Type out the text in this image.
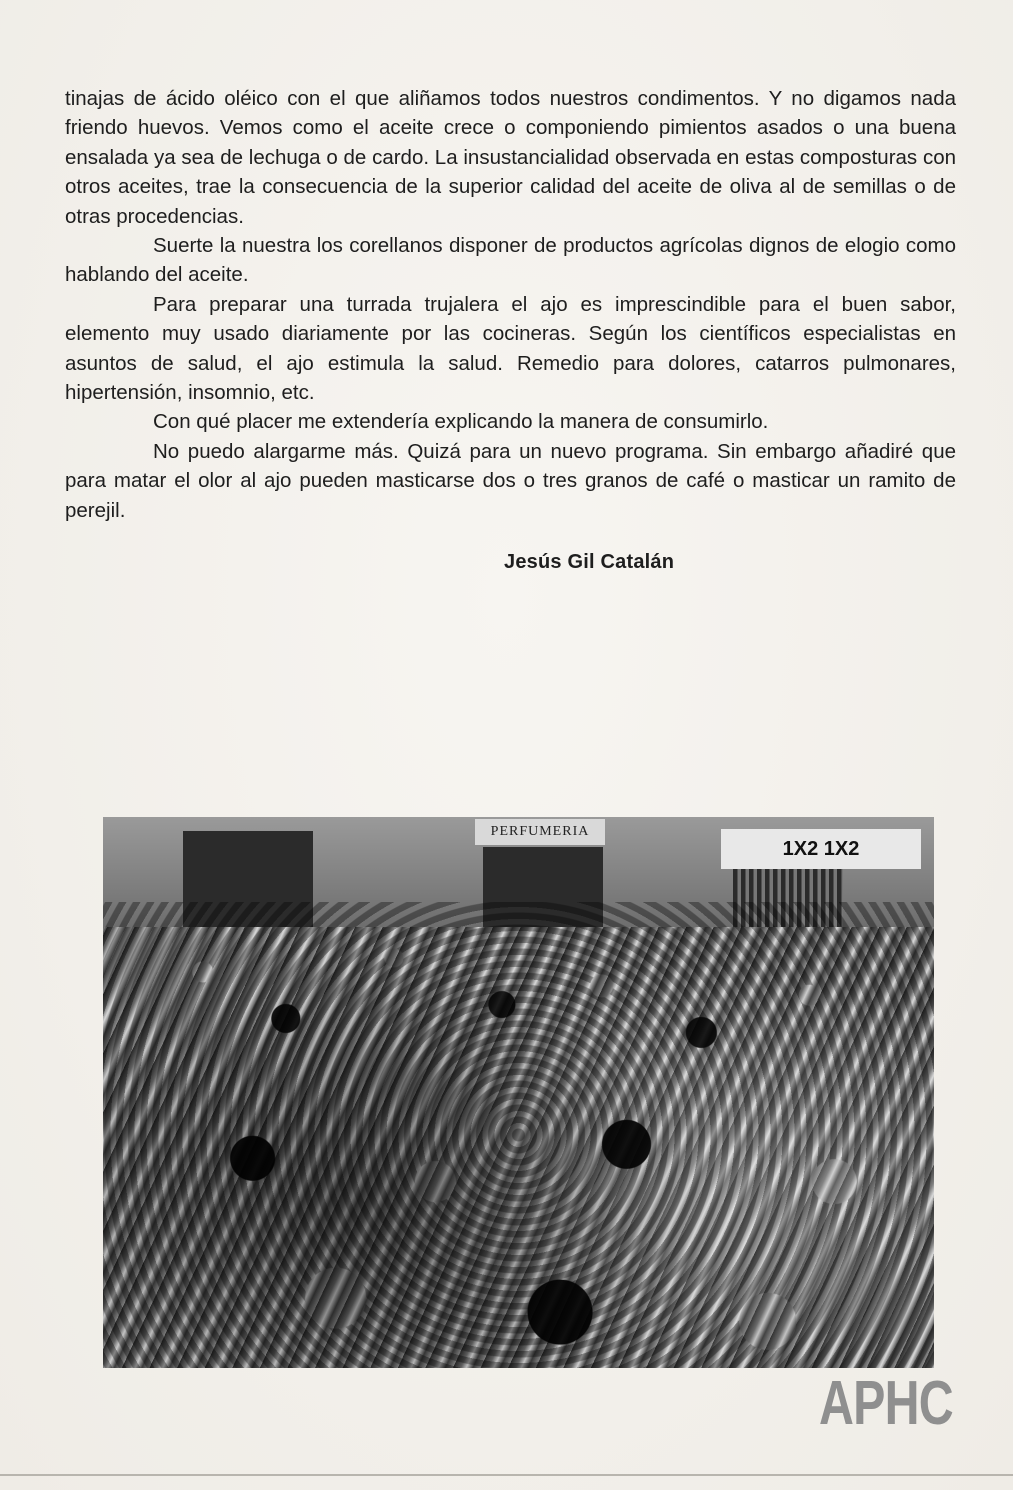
tinajas de ácido oléico con el que aliñamos todos nuestros condimentos. Y no digamos nada friendo huevos. Vemos como el aceite crece o componiendo pimientos asados o una buena ensalada ya sea de lechuga o de cardo. La insustancialidad observada en estas composturas con otros aceites, trae la consecuencia de la superior calidad del aceite de oliva al de semillas o de otras procedencias.

Suerte la nuestra los corellanos disponer de productos agrícolas dignos de elogio como hablando del aceite.

Para preparar una turrada trujalera el ajo es imprescindible para el buen sabor, elemento muy usado diariamente por las cocineras. Según los científicos especialistas en asuntos de salud, el ajo estimula la salud. Remedio para dolores, catarros pulmonares, hipertensión, insomnio, etc.

Con qué placer me extendería explicando la manera de consumirlo.

No puedo alargarme más. Quizá para un nuevo programa. Sin embargo añadiré que para matar el olor al ajo pueden masticarse dos o tres granos de café o masticar un ramito de perejil.

Jesús Gil Catalán
PERFUMERIA
1X2 1X2
APHC
